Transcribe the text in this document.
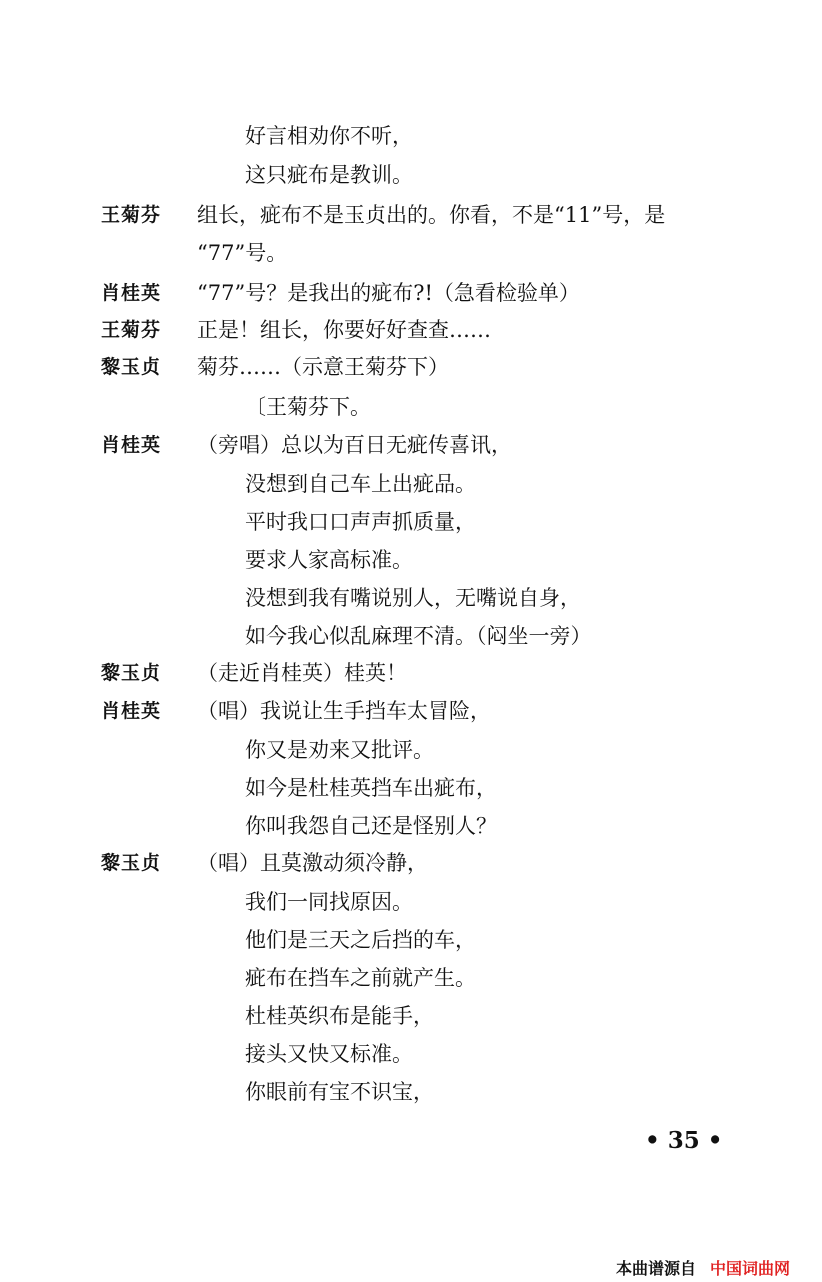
好言相劝你不听，
这只疵布是教训。
王菊芬 组长，疵布不是玉贞出的。你看，不是“11”号，是
“77”号。
肖桂英 “77”号？是我出的疵布?!（急看检验单）
王菊芬 正是！组长，你要好好查查……
黎玉贞 菊芬……（示意王菊芬下）
〔王菊芬下。
肖桂英 （旁唱）总以为百日无疵传喜讯，
没想到自己车上出疵品。
平时我口口声声抓质量，
要求人家高标准。
没想到我有嘴说别人，无嘴说自身，
如今我心似乱麻理不清。（闷坐一旁）
黎玉贞 （走近肖桂英）桂英！
肖桂英 （唱）我说让生手挡车太冒险，
你又是劝来又批评。
如今是杜桂英挡车出疵布，
你叫我怨自己还是怪别人？
黎玉贞 （唱）且莫激动须冷静，
我们一同找原因。
他们是三天之后挡的车，
疵布在挡车之前就产生。
杜桂英织布是能手，
接头又快又标准。
你眼前有宝不识宝，
• 35 •
本曲谱源自 中国词曲网
